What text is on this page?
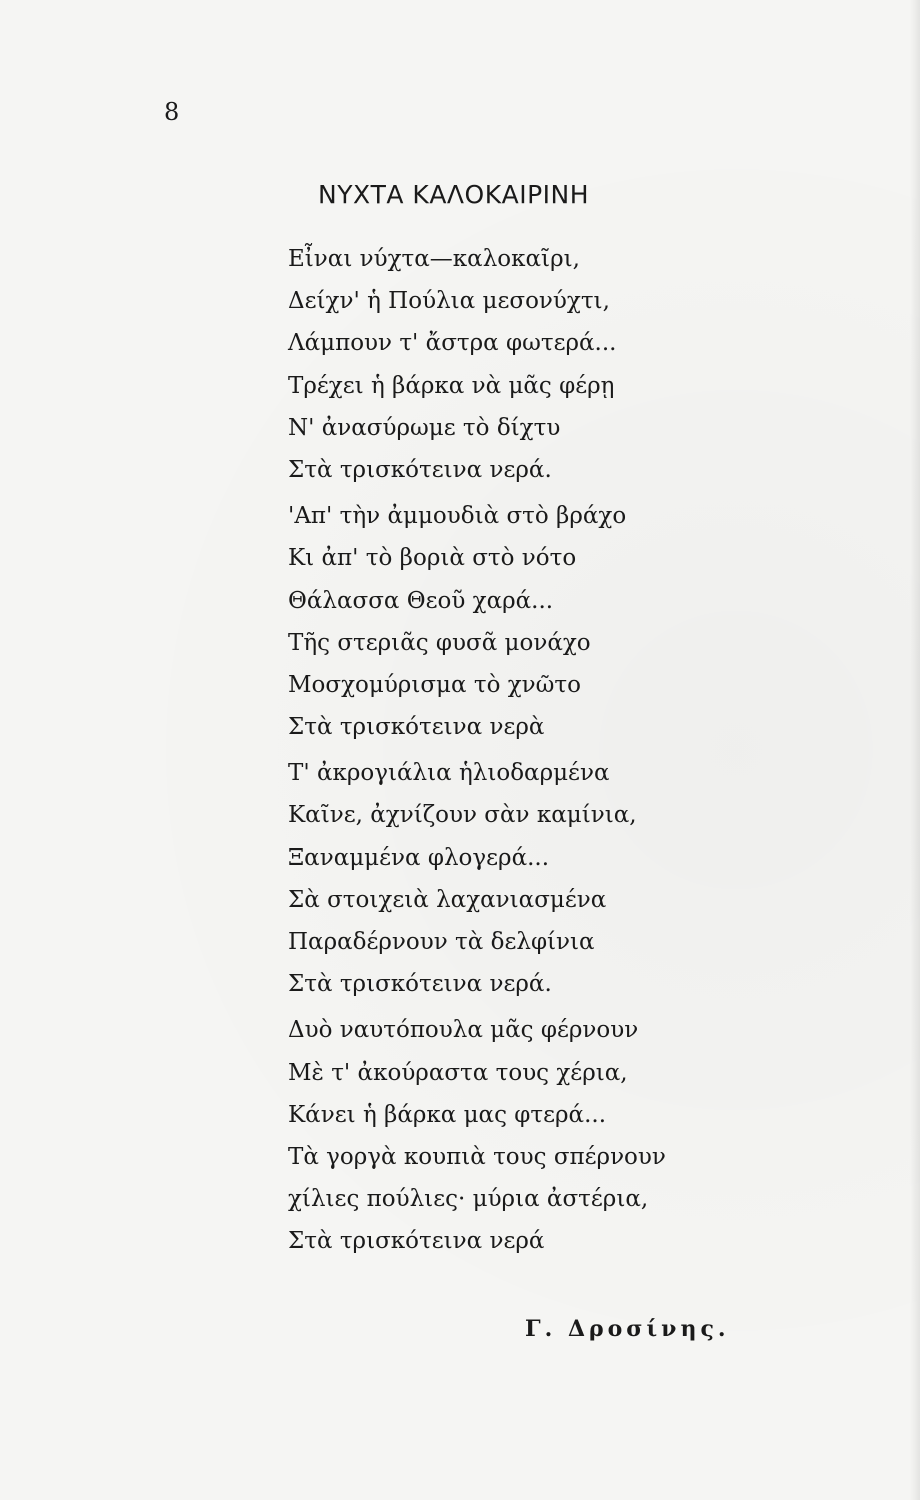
8
ΝΥΧΤΑ ΚΑΛΟΚΑΙΡΙΝΗ
Εἶναι νύχτα—καλοκαῖρι,
Δείχν' ἡ Πούλια μεσονύχτι,
Λάμπουν τ' ἄστρα φωτερά...
Τρέχει ἡ βάρκα νὰ μᾶς φέρῃ
Ν' ἀνασύρωμε τὸ δίχτυ
Στὰ τρισκότεινα νερά.
'Απ' τὴν ἀμμουδιὰ στὸ βράχο
Κι ἀπ' τὸ βοριὰ στὸ νότο
Θάλασσα Θεοῦ χαρά...
Τῆς στεριᾶς φυσᾶ μονάχο
Μοσχομύρισμα τὸ χνῶτο
Στὰ τρισκότεινα νερὰ
Τ' ἀκρογιάλια ἡλιοδαρμένα
Καῖνε, ἀχνίζουν σὰν καμίνια,
Ξαναμμένα φλογερά...
Σὰ στοιχειὰ λαχανιασμένα
Παραδέρνουν τὰ δελφίνια
Στὰ τρισκότεινα νερά.
Δυὸ ναυτόπουλα μᾶς φέρνουν
Μὲ τ' ἀκούραστα τους χέρια,
Κάνει ἡ βάρκα μας φτερά...
Τὰ γοργὰ κουπιὰ τους σπέρνουν
χίλιες πούλιες· μύρια ἀστέρια,
Στὰ τρισκότεινα νερά
Γ. Δροσίνης.
